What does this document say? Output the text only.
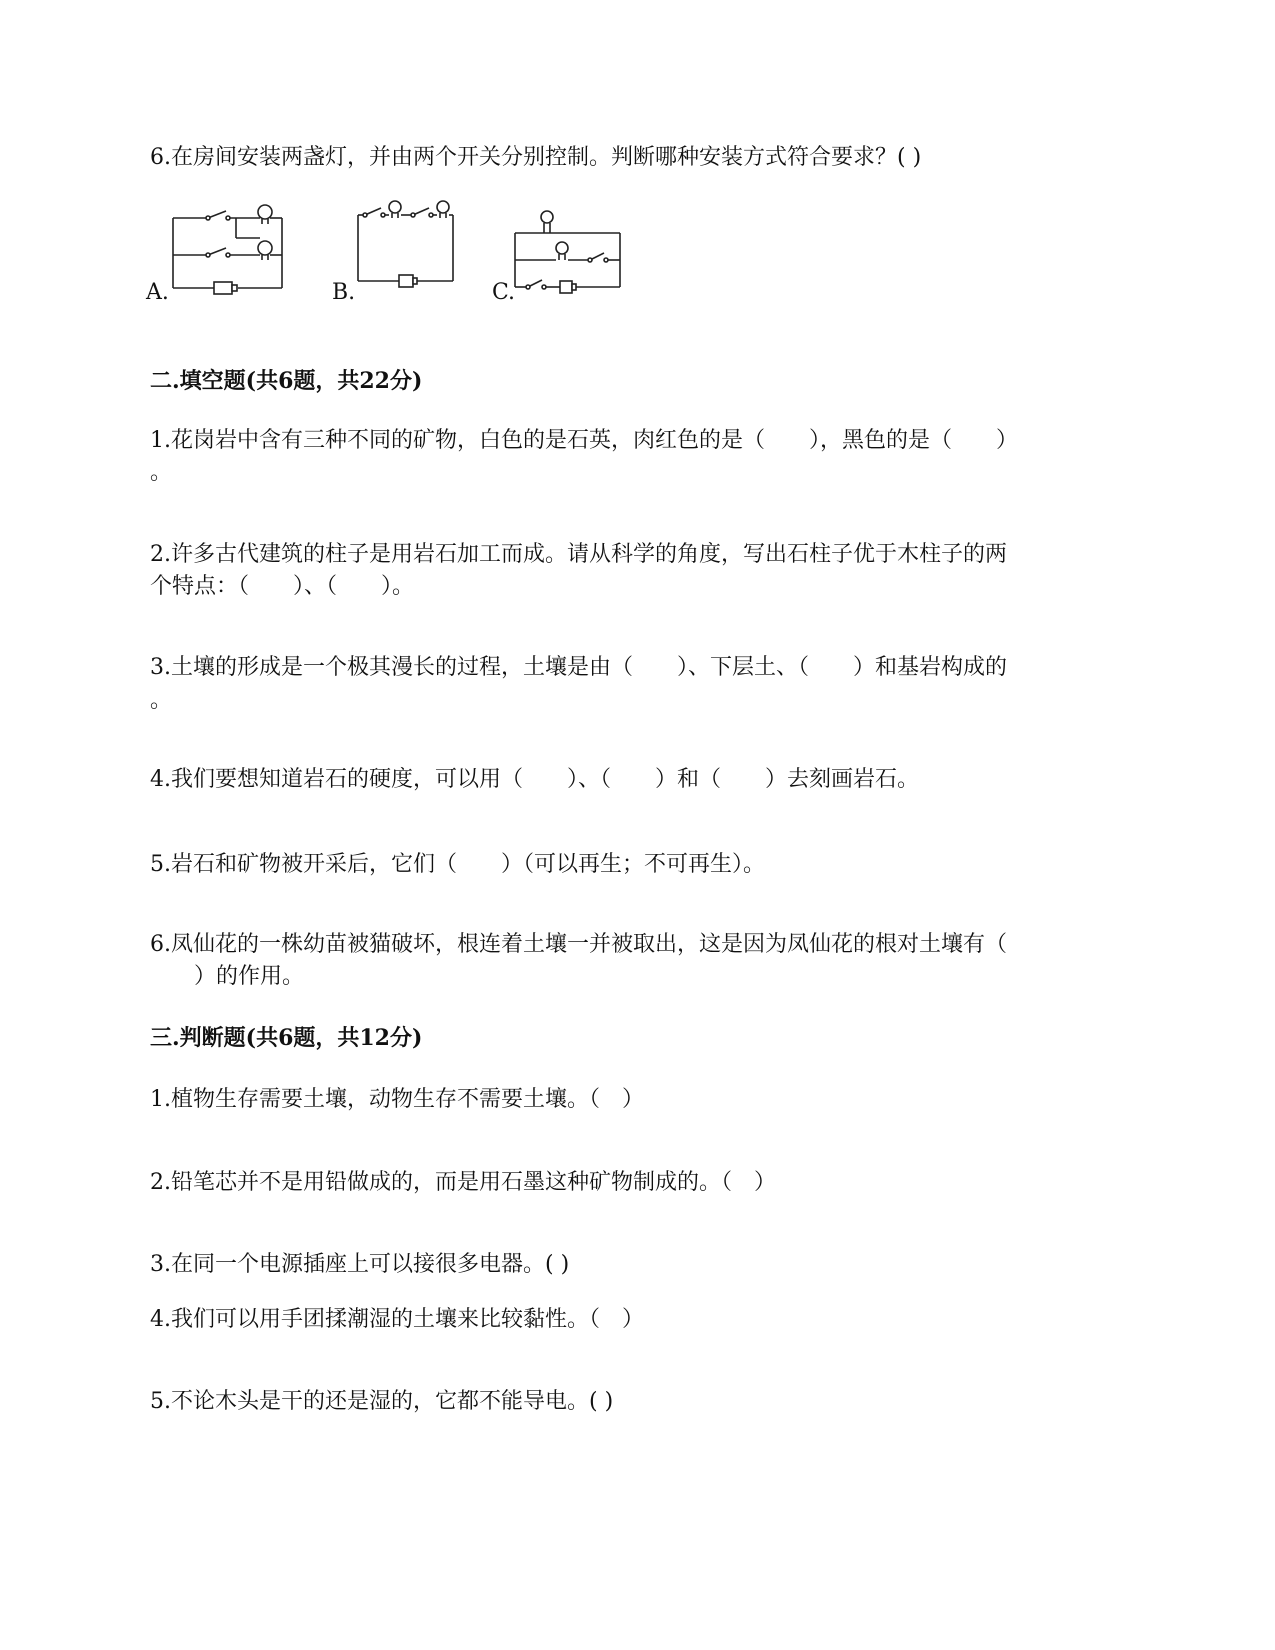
6.在房间安装两盏灯，并由两个开关分别控制。判断哪种安装方式符合要求？( )
A.	B.	C.
二.填空题(共6题，共22分)
1.花岗岩中含有三种不同的矿物，白色的是石英，肉红色的是（　　），黑色的是（　　）
。
2.许多古代建筑的柱子是用岩石加工而成。请从科学的角度，写出石柱子优于木柱子的两
个特点：（　　）、（　　）。
3.土壤的形成是一个极其漫长的过程，土壤是由（　　）、下层土、（　　）和基岩构成的
。
4.我们要想知道岩石的硬度，可以用（　　）、（　　）和（　　）去刻画岩石。
5.岩石和矿物被开采后，它们（　　）（可以再生；不可再生）。
6.凤仙花的一株幼苗被猫破坏，根连着土壤一并被取出，这是因为凤仙花的根对土壤有（
　　）的作用。
三.判断题(共6题，共12分)
1.植物生存需要土壤，动物生存不需要土壤。（　）
2.铅笔芯并不是用铅做成的，而是用石墨这种矿物制成的。（　）
3.在同一个电源插座上可以接很多电器。( )
4.我们可以用手团揉潮湿的土壤来比较黏性。（　）
5.不论木头是干的还是湿的，它都不能导电。( )
